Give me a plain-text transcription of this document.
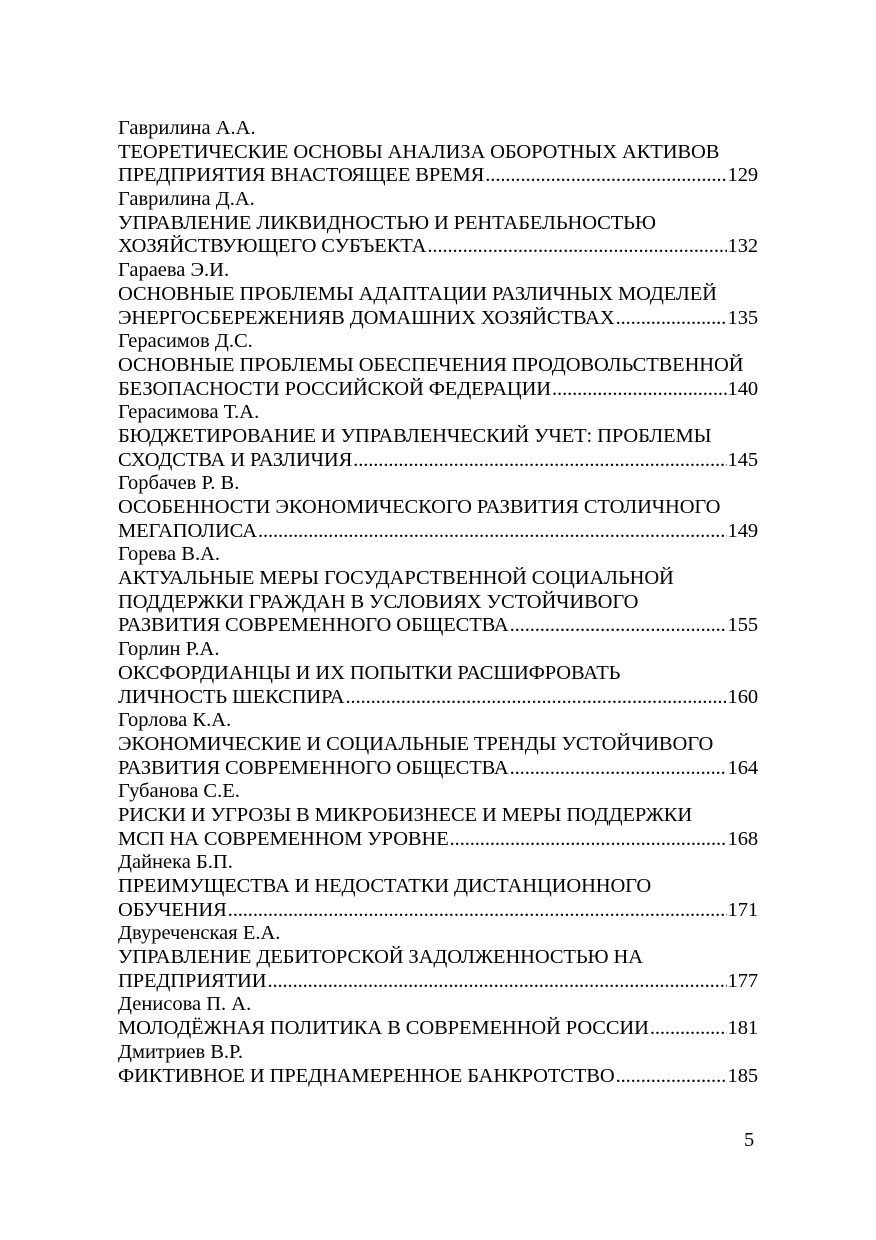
Гаврилина А.А.
ТЕОРЕТИЧЕСКИЕ ОСНОВЫ АНАЛИЗА ОБОРОТНЫХ АКТИВОВ
ПРЕДПРИЯТИЯ ВНАСТОЯЩЕЕ ВРЕМЯ .....	129
Гаврилина Д.А.
УПРАВЛЕНИЕ ЛИКВИДНОСТЬЮ И РЕНТАБЕЛЬНОСТЬЮ
ХОЗЯЙСТВУЮЩЕГО СУБЪЕКТА .....	132
Гараева Э.И.
ОСНОВНЫЕ ПРОБЛЕМЫ АДАПТАЦИИ РАЗЛИЧНЫХ МОДЕЛЕЙ
ЭНЕРГОСБЕРЕЖЕНИЯВ ДОМАШНИХ ХОЗЯЙСТВАХ .....	135
Герасимов Д.С.
ОСНОВНЫЕ ПРОБЛЕМЫ ОБЕСПЕЧЕНИЯ ПРОДОВОЛЬСТВЕННОЙ
БЕЗОПАСНОСТИ РОССИЙСКОЙ ФЕДЕРАЦИИ .....	140
Герасимова Т.А.
БЮДЖЕТИРОВАНИЕ И УПРАВЛЕНЧЕСКИЙ УЧЕТ: ПРОБЛЕМЫ
СХОДСТВА И РАЗЛИЧИЯ .....	145
Горбачев Р. В.
ОСОБЕННОСТИ ЭКОНОМИЧЕСКОГО РАЗВИТИЯ СТОЛИЧНОГО
МЕГАПОЛИСА .....	149
Горева В.А.
АКТУАЛЬНЫЕ МЕРЫ ГОСУДАРСТВЕННОЙ СОЦИАЛЬНОЙ
ПОДДЕРЖКИ ГРАЖДАН В УСЛОВИЯХ УСТОЙЧИВОГО
РАЗВИТИЯ СОВРЕМЕННОГО ОБЩЕСТВА .....	155
Горлин Р.А.
ОКСФОРДИАНЦЫ И ИХ ПОПЫТКИ РАСШИФРОВАТЬ
ЛИЧНОСТЬ ШЕКСПИРА .....	160
Горлова К.А.
ЭКОНОМИЧЕСКИЕ И СОЦИАЛЬНЫЕ ТРЕНДЫ УСТОЙЧИВОГО
РАЗВИТИЯ СОВРЕМЕННОГО ОБЩЕСТВА .....	164
Губанова С.Е.
РИСКИ И УГРОЗЫ В МИКРОБИЗНЕСЕ И МЕРЫ ПОДДЕРЖКИ
МСП НА СОВРЕМЕННОМ УРОВНЕ .....	168
Дайнека Б.П.
ПРЕИМУЩЕСТВА И НЕДОСТАТКИ ДИСТАНЦИОННОГО
ОБУЧЕНИЯ .....	171
Двуреченская Е.А.
УПРАВЛЕНИЕ ДЕБИТОРСКОЙ ЗАДОЛЖЕННОСТЬЮ НА
ПРЕДПРИЯТИИ .....	177
Денисова П. А.
МОЛОДЁЖНАЯ ПОЛИТИКА В СОВРЕМЕННОЙ РОССИИ .....	181
Дмитриев В.Р.
ФИКТИВНОЕ И ПРЕДНАМЕРЕННОЕ БАНКРОТСТВО .....	185
5
